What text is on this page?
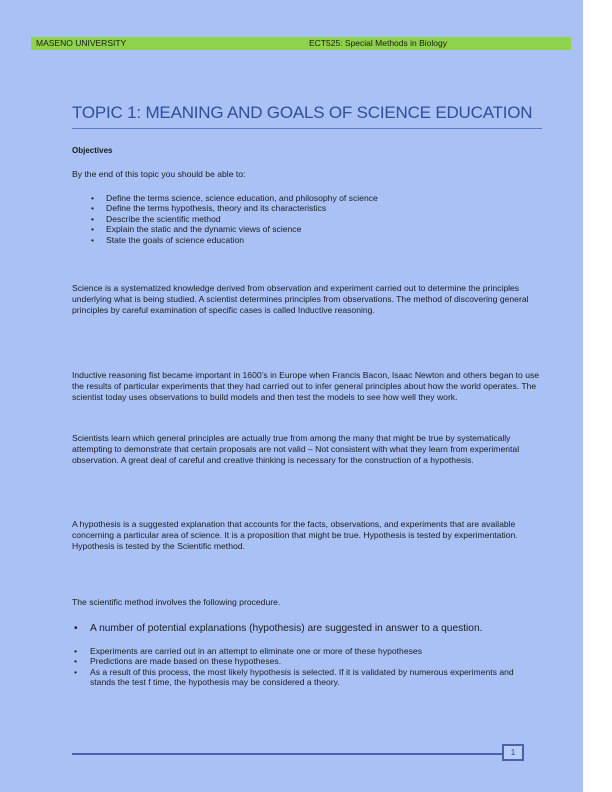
MASENO UNIVERSITY	ECT525: Special Methods in Biology
TOPIC 1: MEANING AND GOALS OF SCIENCE EDUCATION

Objectives

By the end of this topic you should be able to:

• Define the terms science, science education, and philosophy of science
• Define the terms hypothesis, theory and its characteristics
• Describe the scientific method
• Explain the static and the dynamic views of science
• State the goals of science education

Science is a systematized knowledge derived from observation and experiment carried out to determine the principles underlying what is being studied. A scientist determines principles from observations. The method of discovering general principles by careful examination of specific cases is called Inductive reasoning.

Inductive reasoning fist became important in 1600’s in Europe when Francis Bacon, Isaac Newton and others began to use the results of particular experiments that they had carried out to infer general principles about how the world operates. The scientist today uses observations to build models and then test the models to see how well they work.

Scientists learn which general principles are actually true from among the many that might be true by systematically attempting to demonstrate that certain proposals are not valid – Not consistent with what they learn from experimental observation. A great deal of careful and creative thinking is necessary for the construction of a hypothesis.

A hypothesis is a suggested explanation that accounts for the facts, observations, and experiments that are available concerning a particular area of science. It is a proposition that might be true. Hypothesis is tested by experimentation. Hypothesis is tested by the Scientific method.

The scientific method involves the following procedure.

• A number of potential explanations (hypothesis) are suggested in answer to a question.
• Experiments are carried out in an attempt to eliminate one or more of these hypotheses
• Predictions are made based on these hypotheses.
• As a result of this process, the most likely hypothesis is selected. If it is validated by numerous experiments and stands the test f time, the hypothesis may be considered a theory.
1
